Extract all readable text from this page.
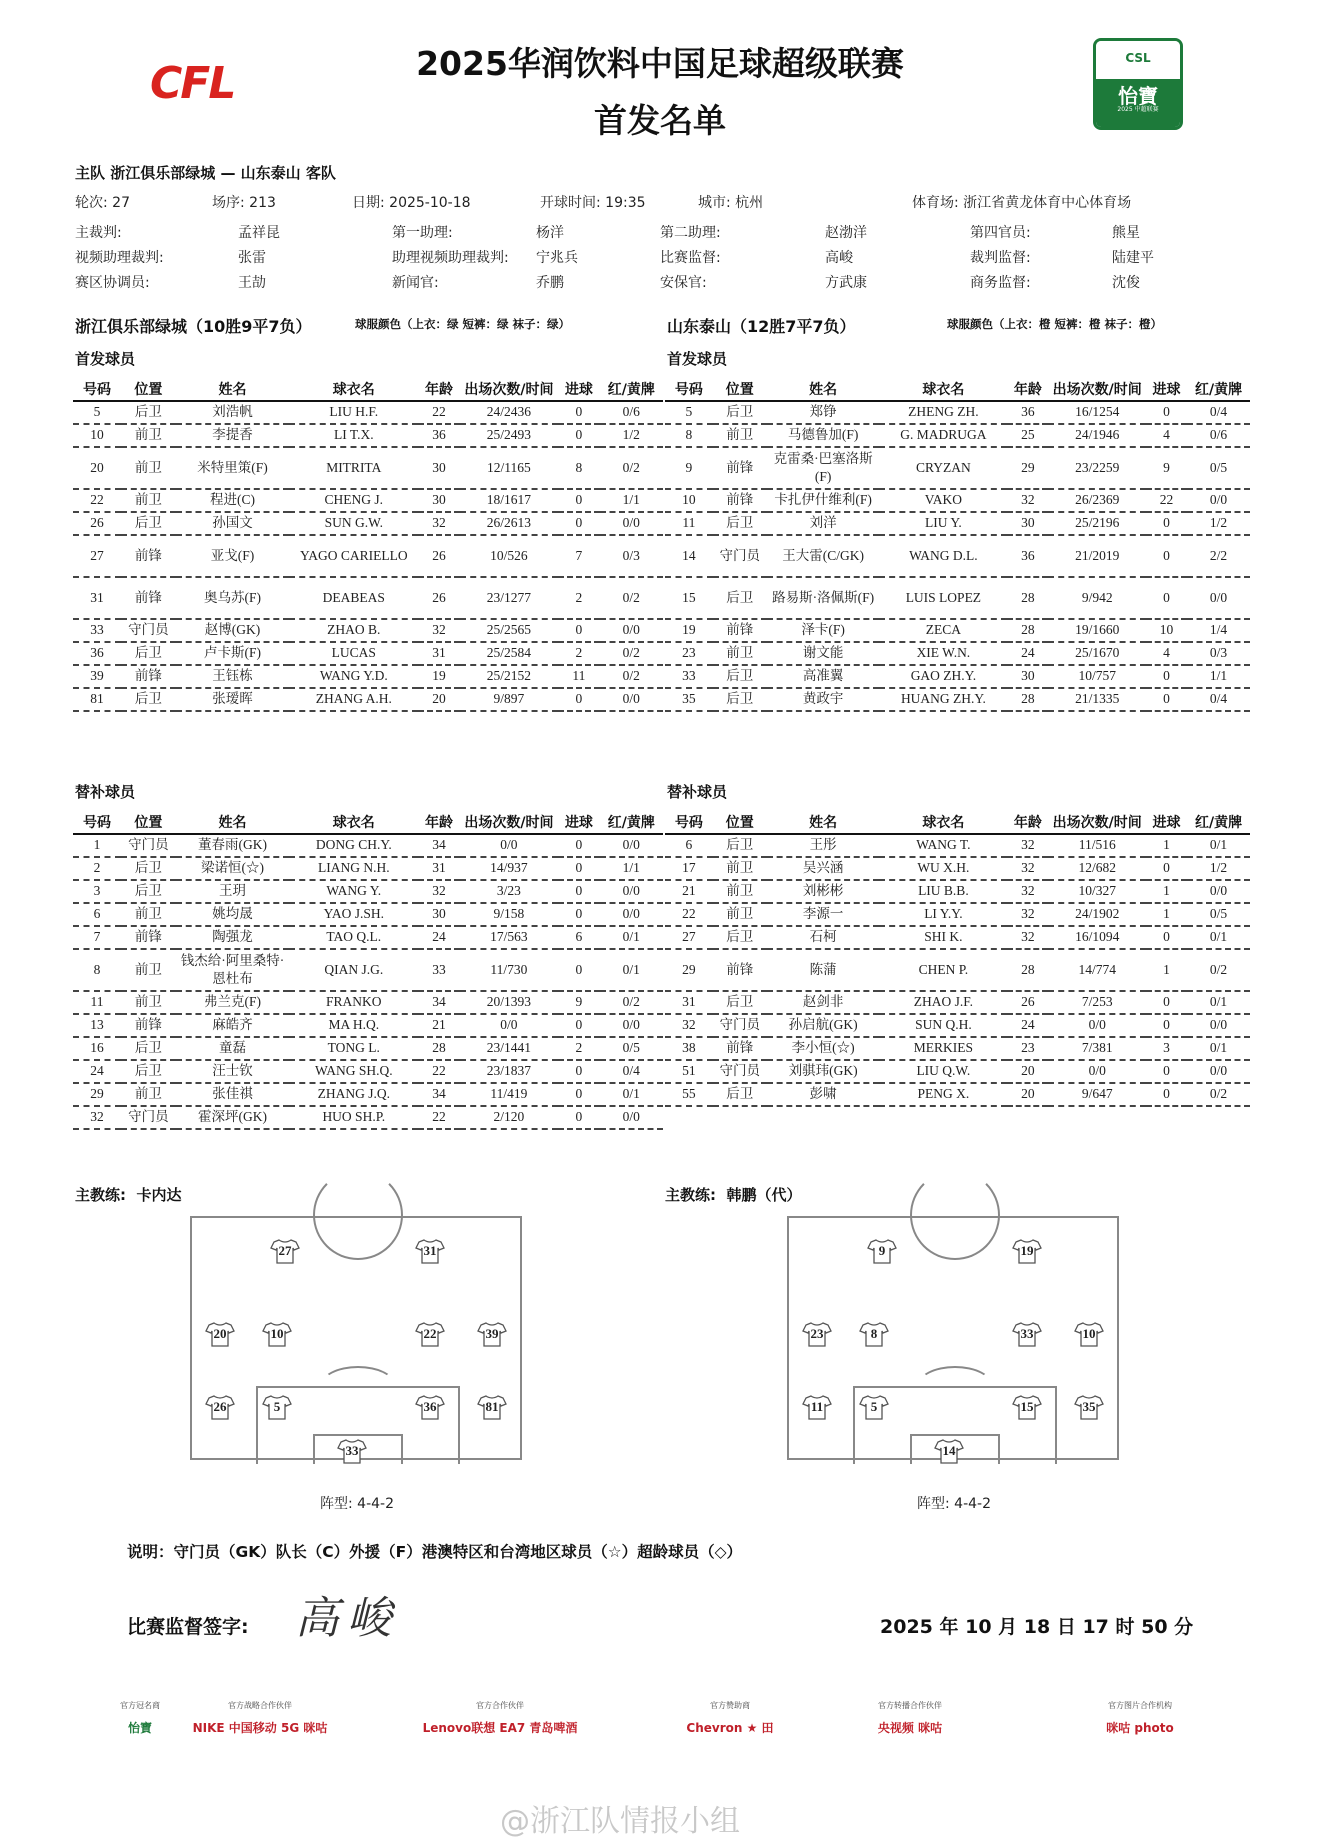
CFL	2025华润饮料中国足球超级联赛
首发名单
CSL
怡寶
2025 中超联赛
主队 浙江俱乐部绿城 — 山东泰山 客队
轮次: 27	场序: 213	日期: 2025-10-18	开球时间: 19:35	城市: 杭州	体育场: 浙江省黄龙体育中心体育场
主裁判:	孟祥昆	第一助理:	杨洋	第二助理:	赵渤洋	第四官员:	熊星
视频助理裁判:	张雷	助理视频助理裁判: 宁兆兵	比赛监督:	高峻	裁判监督:	陆建平
赛区协调员:	王劼	新闻官:	乔鹏	安保官:	方武康	商务监督:	沈俊
浙江俱乐部绿城（10胜9平7负）	球服颜色（上衣：绿 短裤：绿 袜子：绿）	山东泰山（12胜7平7负）	球服颜色（上衣：橙 短裤：橙 袜子：橙）
首发球员	首发球员
替补球员	替补球员
号码	位置	姓名	球衣名	年龄	出场次数/时间	进球	红/黄牌
5	后卫	刘浩帆	LIU H.F.	22	24/2436	0	0/6
10	前卫	李提香	LI T.X.	36	25/2493	0	1/2
20	前卫	米特里策(F)	MITRITA	30	12/1165	8	0/2
22	前卫	程进(C)	CHENG J.	30	18/1617	0	1/1
26	后卫	孙国文	SUN G.W.	32	26/2613	0	0/0
27	前锋	亚戈(F)	YAGO CARIELLO	26	10/526	7	0/3
31	前锋	奥乌苏(F)	DEABEAS	26	23/1277	2	0/2
33	守门员	赵博(GK)	ZHAO B.	32	25/2565	0	0/0
36	后卫	卢卡斯(F)	LUCAS	31	25/2584	2	0/2
39	前锋	王钰栋	WANG Y.D.	19	25/2152	11	0/2
81	后卫	张瑷晖	ZHANG A.H.	20	9/897	0	0/0
号码	位置	姓名	球衣名	年龄	出场次数/时间	进球	红/黄牌
5	后卫	郑铮	ZHENG ZH.	36	16/1254	0	0/4
8	前卫	马德鲁加(F)	G. MADRUGA	25	24/1946	4	0/6
9	前锋	克雷桑·巴塞洛斯(F)	CRYZAN	29	23/2259	9	0/5
10	前锋	卡扎伊什维利(F)	VAKO	32	26/2369	22	0/0
11	后卫	刘洋	LIU Y.	30	25/2196	0	1/2
14	守门员	王大雷(C/GK)	WANG D.L.	36	21/2019	0	2/2
15	后卫	路易斯·洛佩斯(F)	LUIS LOPEZ	28	9/942	0	0/0
19	前锋	泽卡(F)	ZECA	28	19/1660	10	1/4
23	前卫	谢文能	XIE W.N.	24	25/1670	4	0/3
33	后卫	高准翼	GAO ZH.Y.	30	10/757	0	1/1
35	后卫	黄政宇	HUANG ZH.Y.	28	21/1335	0	0/4
号码	位置	姓名	球衣名	年龄	出场次数/时间	进球	红/黄牌
1	守门员	董春雨(GK)	DONG CH.Y.	34	0/0	0	0/0
2	后卫	梁诺恒(☆)	LIANG N.H.	31	14/937	0	1/1
3	后卫	王玥	WANG Y.	32	3/23	0	0/0
6	前卫	姚均晟	YAO J.SH.	30	9/158	0	0/0
7	前锋	陶强龙	TAO Q.L.	24	17/563	6	0/1
8	前卫	钱杰给·阿里桑特·恩杜布	QIAN J.G.	33	11/730	0	0/1
11	前卫	弗兰克(F)	FRANKO	34	20/1393	9	0/2
13	前锋	麻皓齐	MA H.Q.	21	0/0	0	0/0
16	后卫	童磊	TONG L.	28	23/1441	2	0/5
24	后卫	汪士钦	WANG SH.Q.	22	23/1837	0	0/4
29	前卫	张佳祺	ZHANG J.Q.	34	11/419	0	0/1
32	守门员	霍深坪(GK)	HUO SH.P.	22	2/120	0	0/0
号码	位置	姓名	球衣名	年龄	出场次数/时间	进球	红/黄牌
6	后卫	王彤	WANG T.	32	11/516	1	0/1
17	前卫	吴兴涵	WU X.H.	32	12/682	0	1/2
21	前卫	刘彬彬	LIU B.B.	32	10/327	1	0/0
22	前卫	李源一	LI Y.Y.	32	24/1902	1	0/5
27	后卫	石柯	SHI K.	32	16/1094	0	0/1
29	前锋	陈蒲	CHEN P.	28	14/774	1	0/2
31	后卫	赵剑非	ZHAO J.F.	26	7/253	0	0/1
32	守门员	孙启航(GK)	SUN Q.H.	24	0/0	0	0/0
38	前锋	李小恒(☆)	MERKIES	23	7/381	3	0/1
51	守门员	刘骐玮(GK)	LIU Q.W.	20	0/0	0	0/0
55	后卫	彭啸	PENG X.	20	9/647	0	0/2
主教练: 卡内达	主教练: 韩鹏（代）
27	31
20	10	22	39
26	5	36	81
33
9	19
23	8	33	10
11	5	15	35
14
阵型: 4-4-2	阵型: 4-4-2
说明：守门员（GK）队长（C）外援（F）港澳特区和台湾地区球员（☆）超龄球员（◇）
比赛监督签字: 高峻	2025 年 10 月 18 日 17 时 50 分
官方冠名商
怡寶
官方战略合作伙伴
NIKE 中国移动 5G 咪咕
官方合作伙伴
Lenovo联想 EA7 青岛啤酒
官方赞助商
Chevron ★ 田
官方转播合作伙伴
央视频 咪咕
官方图片合作机构
咪咕 photo
@浙江队情报小组
